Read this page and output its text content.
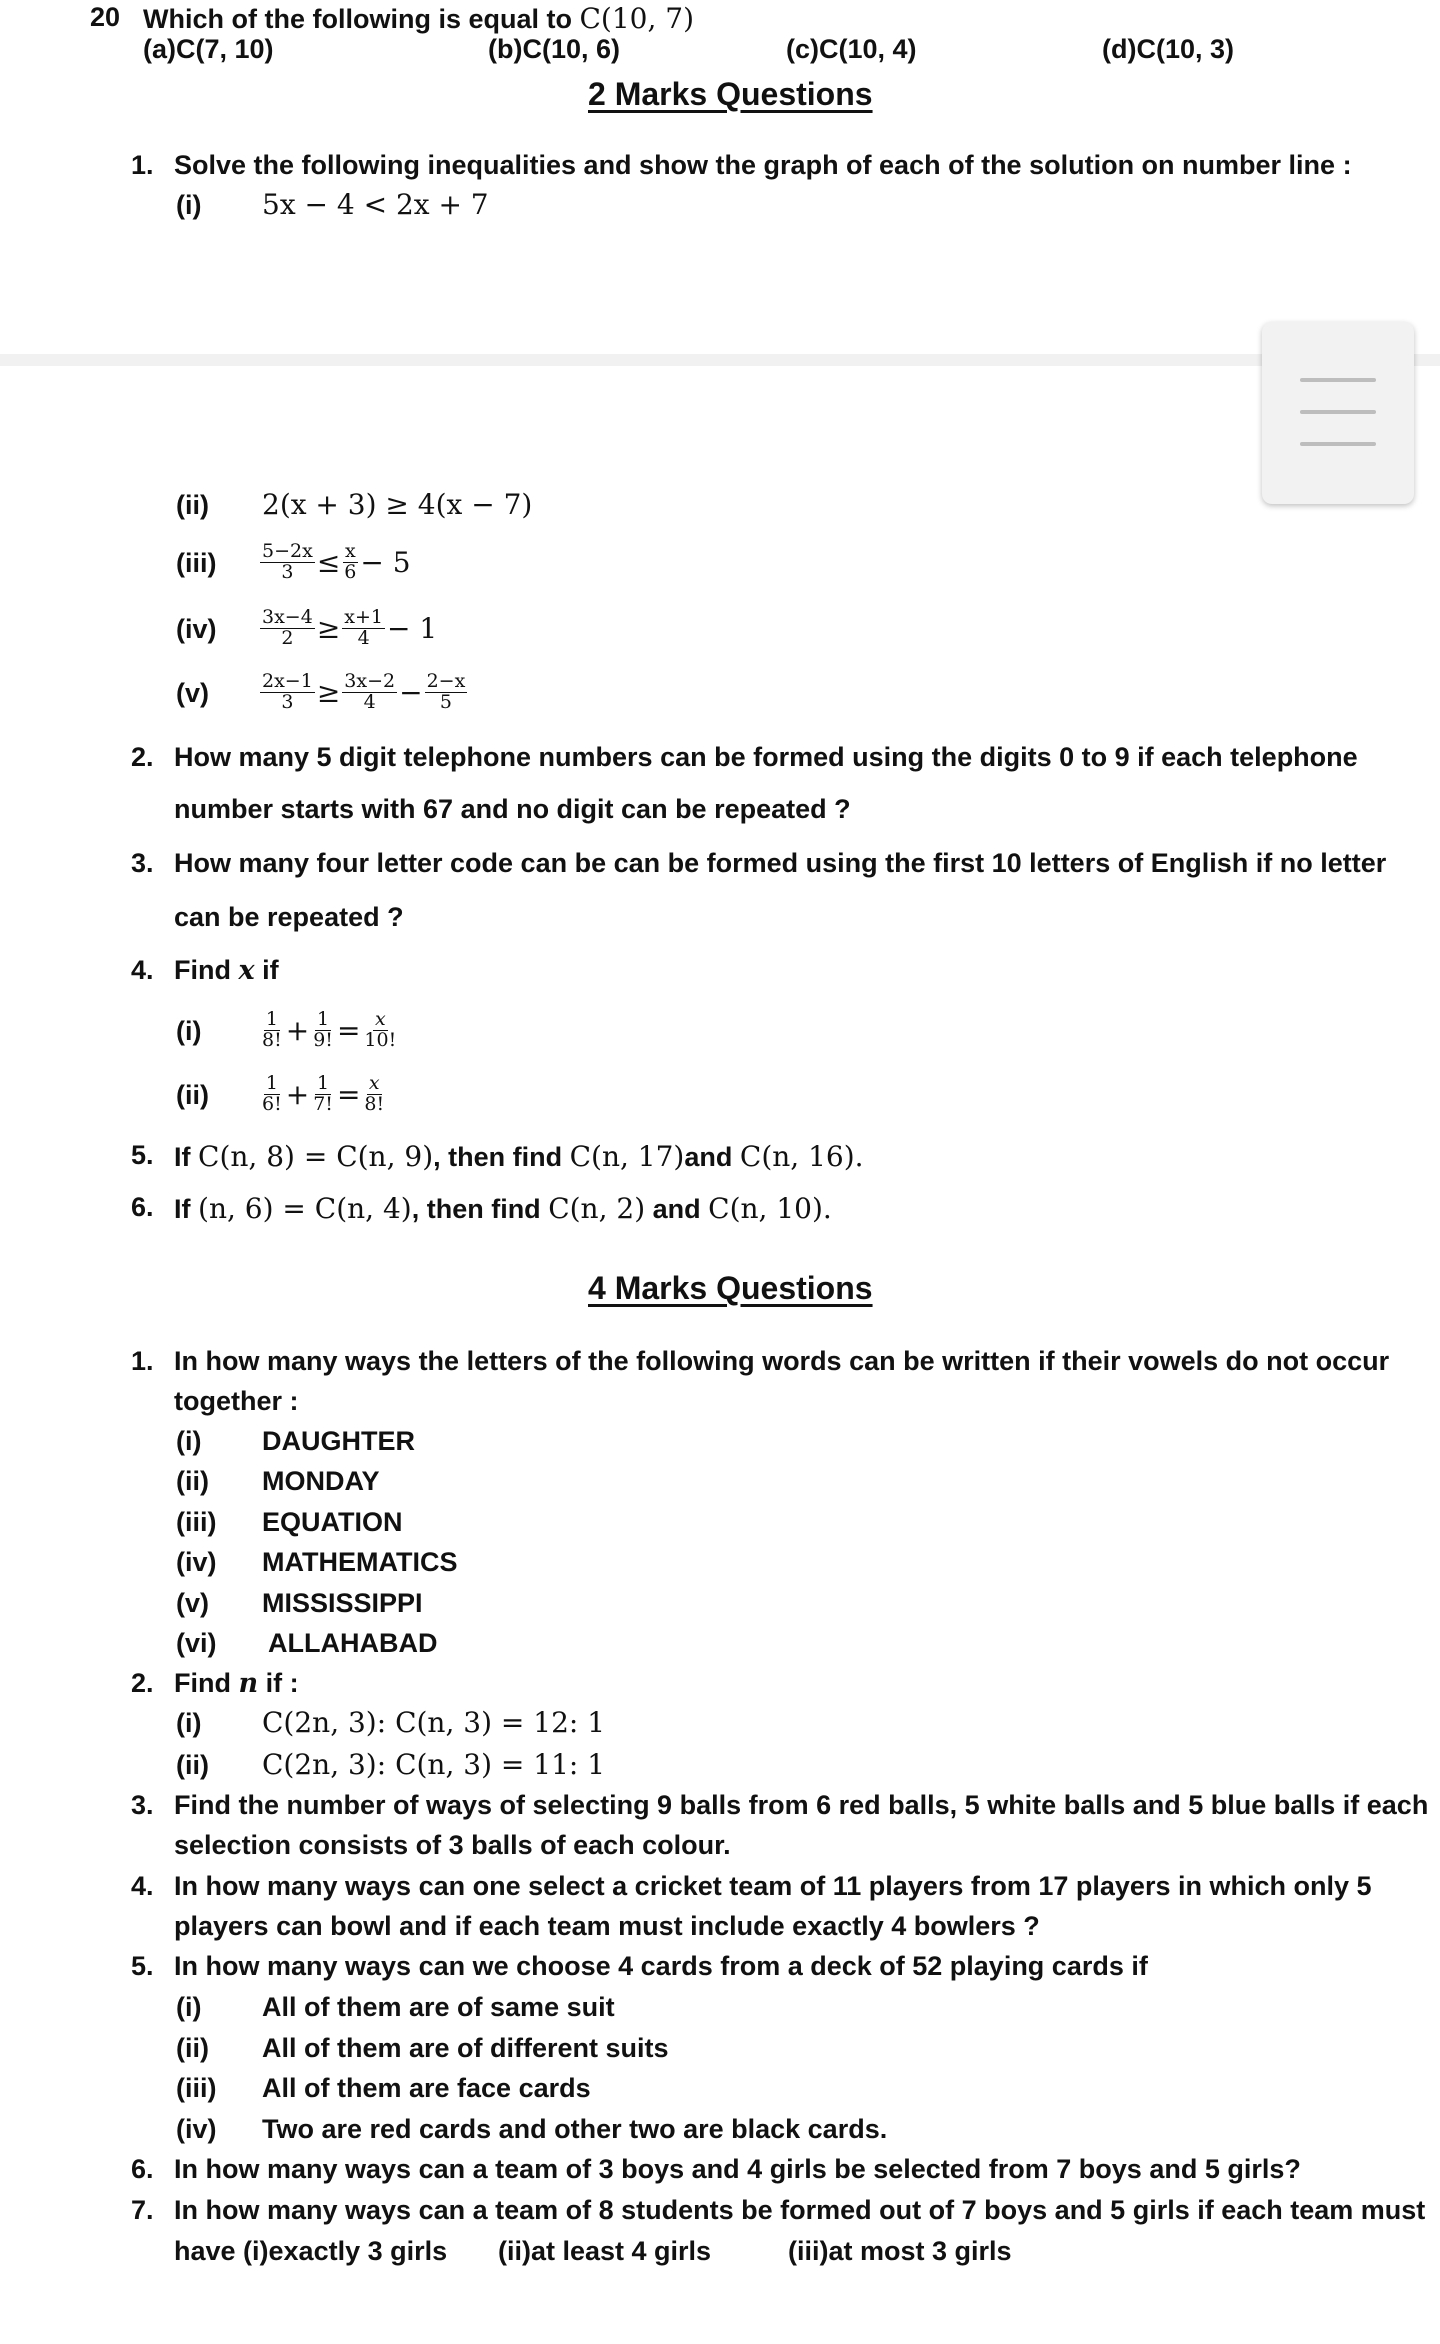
20 Which of the following is equal to C(10, 7)
(a)C(7, 10)	(b)C(10, 6)	(c)C(10, 4)	(d)C(10, 3)
2 Marks Questions
1. Solve the following inequalities and show the graph of each of the solution on number line :
(i) 5x − 4 < 2x + 7
(ii) 2(x + 3) ≥ 4(x − 7)
$(iii) \frac{5-2x}{3} \le \frac{x}{6} - 5$
$(iv) \frac{3x-4}{2} \ge \frac{x+1}{4} - 1$
(v)	$\frac{2x-1}{3} \ge \frac{3x-2}{4} - \frac{2-x}{5}$
2. How many 5 digit telephone numbers can be formed using the digits 0 to 9 if each telephone
number starts with 67 and no digit can be repeated ?
3. How many four letter code can be can be formed using the first 10 letters of English if no letter
can be repeated ?
4. Find x if
(i)	$\frac{1}{8!} + \frac{1}{9!} = \frac{x}{10!}$
(ii)	$\frac{1}{6!} + \frac{1}{7!} = \frac{x}{8!}$
5. If C(n, 8) = C(n, 9), then find C(n, 17)and C(n, 16).
6. If (n, 6) = C(n, 4), then find C(n, 2) and C(n, 10).
4 Marks Questions
1. In how many ways the letters of the following words can be written if their vowels do not occur
together :
(i) DAUGHTER
(ii) MONDAY
(iii) EQUATION
(iv) MATHEMATICS
(v) MISSISSIPPI
(vi) ALLAHABAD
2. Find n if :
(i) C(2n, 3): C(n, 3) = 12: 1
(ii) C(2n, 3): C(n, 3) = 11: 1
3. Find the number of ways of selecting 9 balls from 6 red balls, 5 white balls and 5 blue balls if each
selection consists of 3 balls of each colour.
4. In how many ways can one select a cricket team of 11 players from 17 players in which only 5
players can bowl and if each team must include exactly 4 bowlers ?
5. In how many ways can we choose 4 cards from a deck of 52 playing cards if
(i) All of them are of same suit
(ii) All of them are of different suits
(iii) All of them are face cards
(iv) Two are red cards and other two are black cards.
6. In how many ways can a team of 3 boys and 4 girls be selected from 7 boys and 5 girls?
7. In how many ways can a team of 8 students be formed out of 7 boys and 5 girls if each team must
have (i)exactly 3 girls (ii)at least 4 girls	(iii)at most 3 girls
